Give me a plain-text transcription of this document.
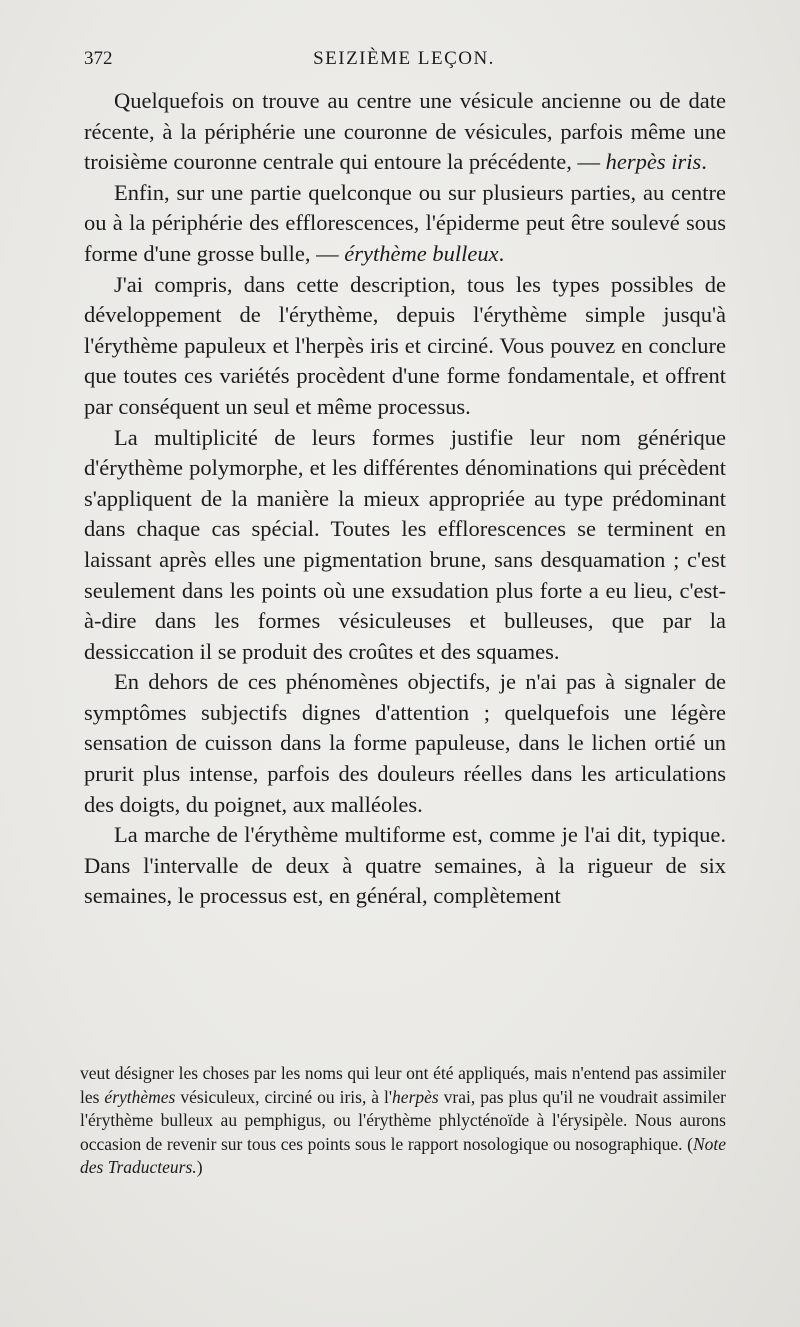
372	SEIZIÈME LEÇON.

Quelquefois on trouve au centre une vésicule ancienne ou de date récente, à la périphérie une couronne de vésicules, parfois même une troisième couronne centrale qui entoure la précédente, — herpès iris.

Enfin, sur une partie quelconque ou sur plusieurs parties, au centre ou à la périphérie des efflorescences, l'épiderme peut être soulevé sous forme d'une grosse bulle, — érythème bulleux.

J'ai compris, dans cette description, tous les types possibles de développement de l'érythème, depuis l'érythème simple jusqu'à l'érythème papuleux et l'herpès iris et circiné. Vous pouvez en conclure que toutes ces variétés procèdent d'une forme fondamentale, et offrent par conséquent un seul et même processus.

La multiplicité de leurs formes justifie leur nom générique d'érythème polymorphe, et les différentes dénominations qui précèdent s'appliquent de la manière la mieux appropriée au type prédominant dans chaque cas spécial. Toutes les efflorescences se terminent en laissant après elles une pigmentation brune, sans desquamation ; c'est seulement dans les points où une exsudation plus forte a eu lieu, c'est-à-dire dans les formes vésiculeuses et bulleuses, que par la dessiccation il se produit des croûtes et des squames.

En dehors de ces phénomènes objectifs, je n'ai pas à signaler de symptômes subjectifs dignes d'attention ; quelquefois une légère sensation de cuisson dans la forme papuleuse, dans le lichen ortié un prurit plus intense, parfois des douleurs réelles dans les articulations des doigts, du poignet, aux malléoles.

La marche de l'érythème multiforme est, comme je l'ai dit, typique. Dans l'intervalle de deux à quatre semaines, à la rigueur de six semaines, le processus est, en général, complètement

veut désigner les choses par les noms qui leur ont été appliqués, mais n'entend pas assimiler les érythèmes vésiculeux, circiné ou iris, à l'herpès vrai, pas plus qu'il ne voudrait assimiler l'érythème bulleux au pemphigus, ou l'érythème phlycténoïde à l'érysipèle. Nous aurons occasion de revenir sur tous ces points sous le rapport nosologique ou nosographique. (Note des Traducteurs.)
